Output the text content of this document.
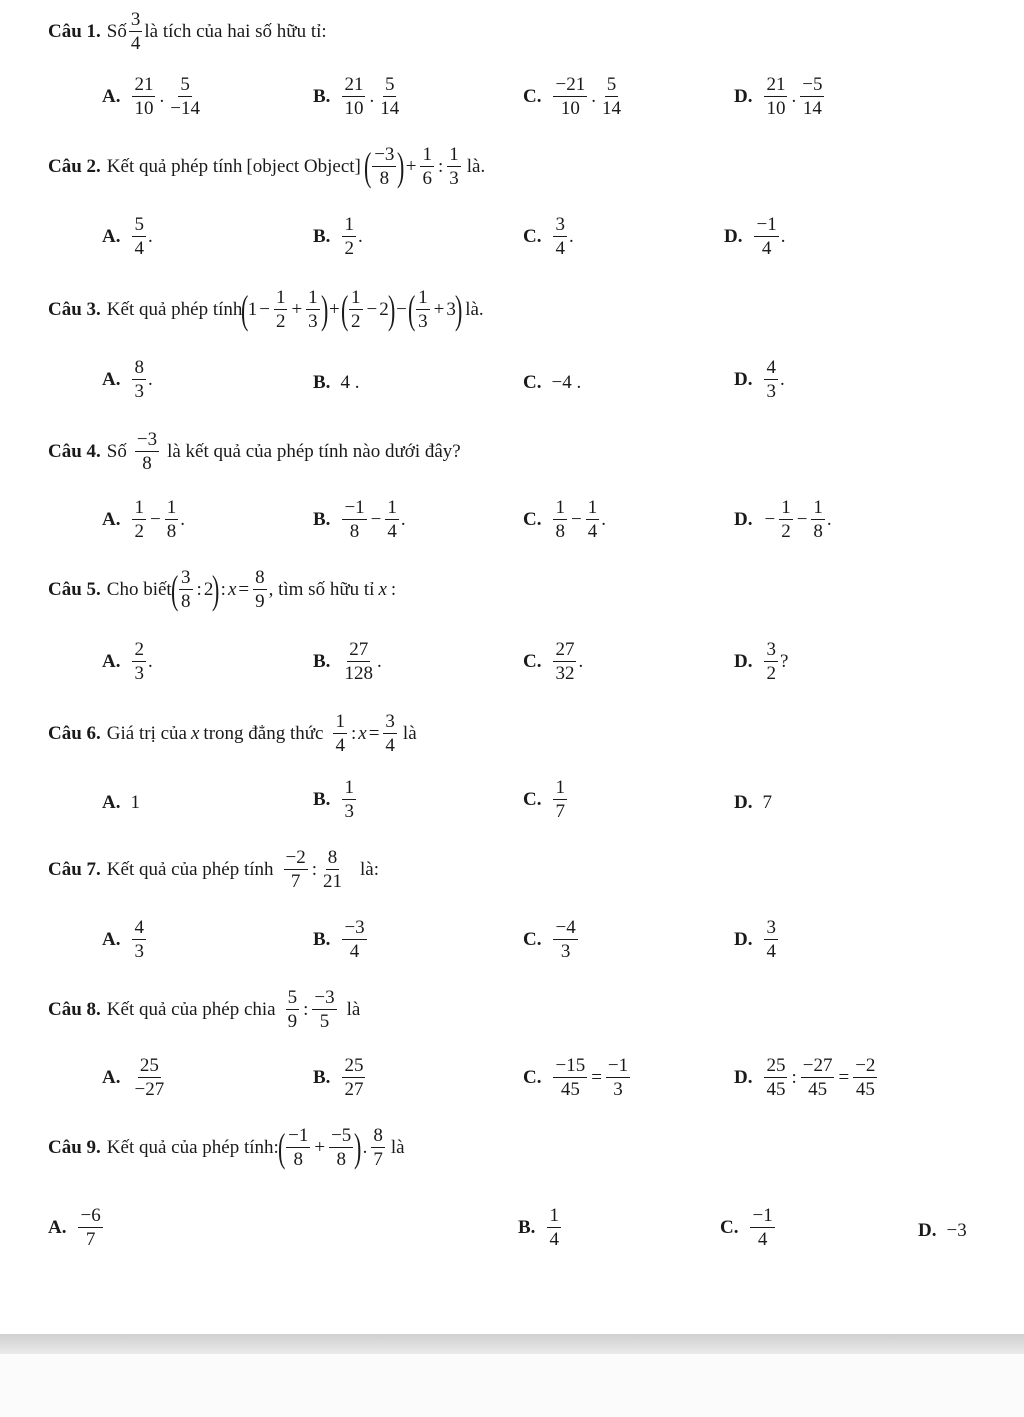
Câu 1. Số $\frac{3}{4}$ là tích của hai số hữu tỉ:
A. $\frac{21}{10}$ . $\frac{5}{-14}$	B. $\frac{21}{10}$ . $\frac{5}{14}$	C. $\frac{-21}{10}$ . $\frac{5}{14}$	D. $\frac{21}{10}$ . $\frac{-5}{14}$
Câu 2. Kết quả phép tính [object Object] ( $\frac{-3}{8}$ ) + $\frac{1}{6}$ : $\frac{1}{3}$ là.
A. $\frac{5}{4}$ .	B. $\frac{1}{2}$ .	C. $\frac{3}{4}$ .	D. $\frac{-1}{4}$ .
Câu 3. Kết quả phép tính
(
$1 - \frac{1}{2} + \frac{1}{3}$ ) + ( $\frac{1}{2} - 2$
) − ( $\frac{1}{3} + 3$
) là.
A. $\frac{8}{3}$ .	B. 4 .	C. −4 .	D. $\frac{4}{3}$ .
Câu 4. Số $\frac{-3}{8}$ là kết quả của phép tính nào dưới đây?
A. $\frac{1}{2} - \frac{1}{8}$ .	B. $\frac{-1}{8} - \frac{1}{4}$ .	C. $\frac{1}{8} - \frac{1}{4}$ .	D. − $\frac{1}{2} - \frac{1}{8}$ .
Câu 5. Cho biết
( $\frac{3}{8}$ : 2
) : $x = \frac{8}{9}$ , tìm số hữu tỉ x :
A. $\frac{2}{3}$ .	B. $\frac{27}{128}$ .	C. $\frac{27}{32}$ .	D. $\frac{3}{2}$ ?
Câu 6. Giá trị của x trong đẳng thức $\frac{1}{4}$ : $x = \frac{3}{4}$ là
A. 1	B. $\frac{1}{3}$	C. $\frac{1}{7}$	D. 7
Câu 7. Kết quả của phép tính $\frac{-2}{7}$ : $\frac{8}{21}$ là:
A. $\frac{4}{3}$	B. $\frac{-3}{4}$	C. $\frac{-4}{3}$	D. $\frac{3}{4}$
Câu 8. Kết quả của phép chia $\frac{5}{9}$ : $\frac{-3}{5}$ là
A. $\frac{25}{-27}$	B. $\frac{25}{27}$	C. $\frac{-15}{45} = \frac{-1}{3}$	D. $\frac{25}{45}$ : $\frac{-27}{45} = \frac{-2}{45}$
Câu 9. Kết quả của phép tính:
( $\frac{-1}{8} + \frac{-5}{8}$ ) . $\frac{8}{7}$ là
A. $\frac{-6}{7}$	B. $\frac{1}{4}$	C. $\frac{-1}{4}$	D. −3
